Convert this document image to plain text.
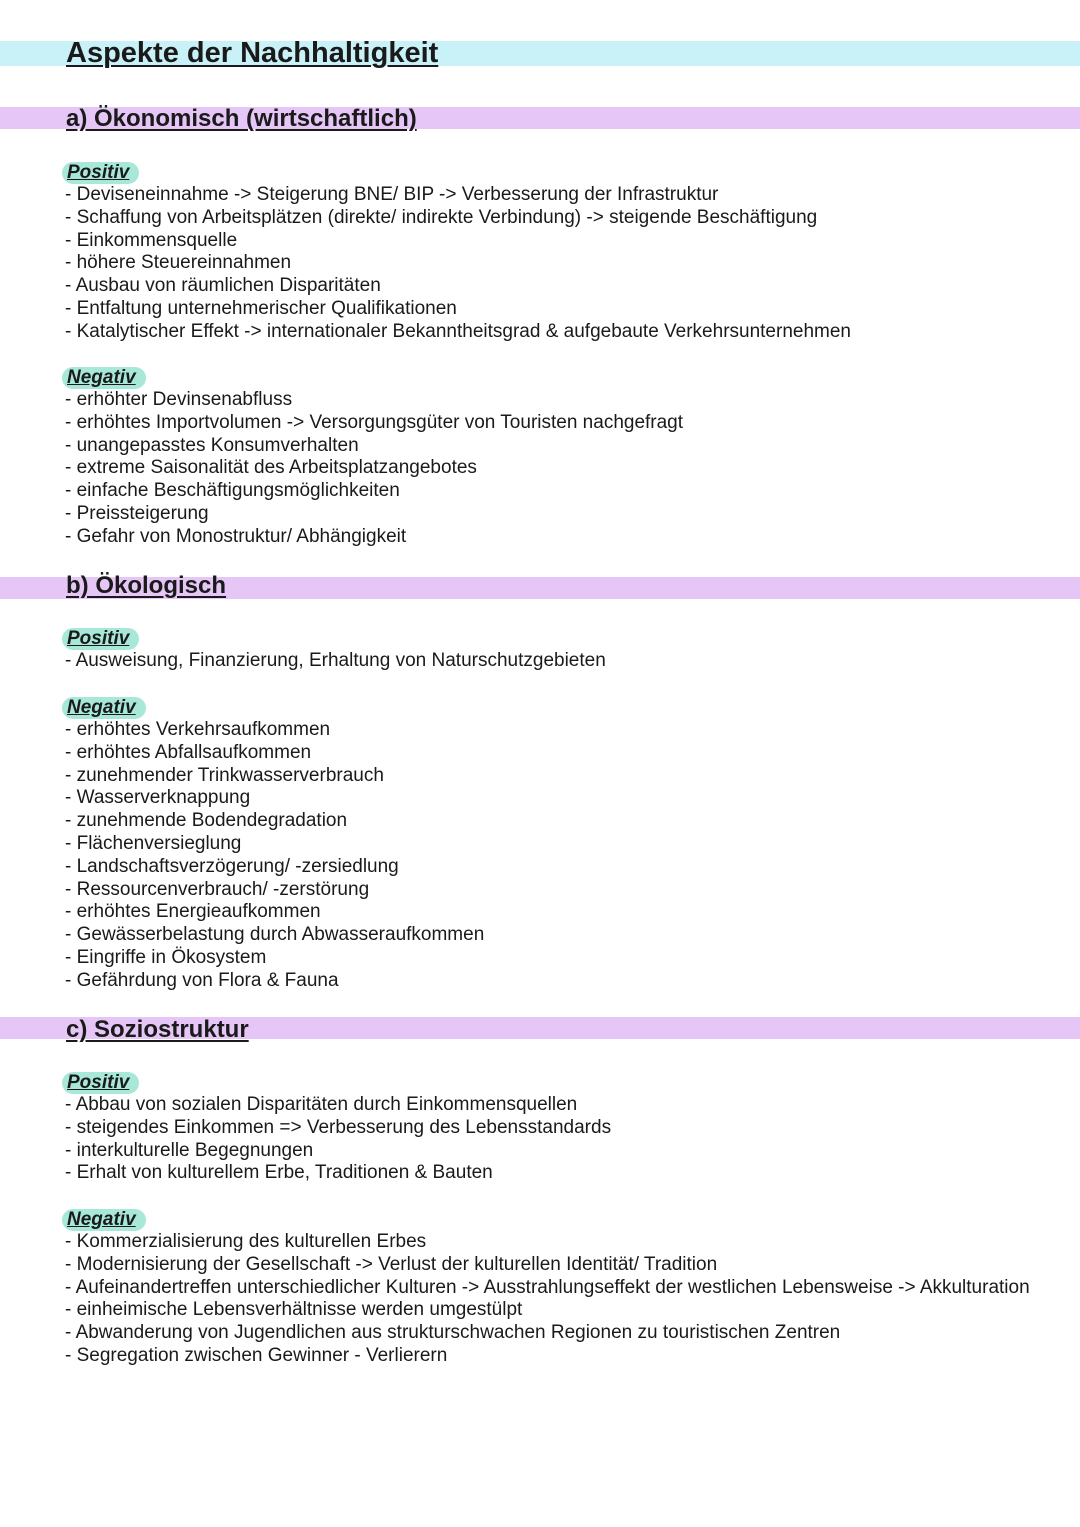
Aspekte der Nachhaltigkeit
a) Ökonomisch (wirtschaftlich)
Positiv
- Deviseneinnahme -> Steigerung BNE/ BIP -> Verbesserung der Infrastruktur
- Schaffung von Arbeitsplätzen (direkte/ indirekte Verbindung) -> steigende Beschäftigung
- Einkommensquelle
- höhere Steuereinnahmen
- Ausbau von räumlichen Disparitäten
- Entfaltung unternehmerischer Qualifikationen
- Katalytischer Effekt -> internationaler Bekanntheitsgrad & aufgebaute Verkehrsunternehmen
Negativ
- erhöhter Devinsenabfluss
- erhöhtes Importvolumen -> Versorgungsgüter von Touristen nachgefragt
- unangepasstes Konsumverhalten
- extreme Saisonalität des Arbeitsplatzangebotes
- einfache Beschäftigungsmöglichkeiten
- Preissteigerung
- Gefahr von Monostruktur/ Abhängigkeit
b) Ökologisch
Positiv
- Ausweisung, Finanzierung, Erhaltung von Naturschutzgebieten
Negativ
- erhöhtes Verkehrsaufkommen
- erhöhtes Abfallsaufkommen
- zunehmender Trinkwasserverbrauch
- Wasserverknappung
- zunehmende Bodendegradation
- Flächenversieglung
- Landschaftsverzögerung/ -zersiedlung
- Ressourcenverbrauch/ -zerstörung
- erhöhtes Energieaufkommen
- Gewässerbelastung durch Abwasseraufkommen
- Eingriffe in Ökosystem
- Gefährdung von Flora & Fauna
c) Soziostruktur
Positiv
- Abbau von sozialen Disparitäten durch Einkommensquellen
- steigendes Einkommen => Verbesserung des Lebensstandards
- interkulturelle Begegnungen
- Erhalt von kulturellem Erbe, Traditionen & Bauten
Negativ
- Kommerzialisierung des kulturellen Erbes
- Modernisierung der Gesellschaft -> Verlust der kulturellen Identität/ Tradition
- Aufeinandertreffen unterschiedlicher Kulturen -> Ausstrahlungseffekt der westlichen Lebensweise -> Akkulturation
- einheimische Lebensverhältnisse werden umgestülpt
- Abwanderung von Jugendlichen aus strukturschwachen Regionen zu touristischen Zentren
- Segregation zwischen Gewinner - Verlierern
